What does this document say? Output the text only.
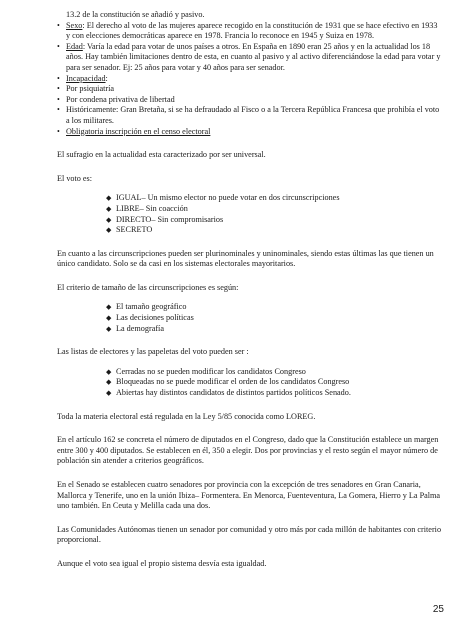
13.2 de la constitución se añadió y pasivo.
• Sexo: El derecho al voto de las mujeres aparece recogido en la constitución de 1931 que se hace efectivo en 1933 y con elecciones democráticas aparece en 1978. Francia lo reconoce en 1945 y Suiza en 1978.
• Edad: Varía la edad para votar de unos países a otros. En España en 1890 eran 25 años y en la actualidad los 18 años. Hay también limitaciones dentro de esta, en cuanto al pasivo y al activo diferenciándose la edad para votar y para ser senador. Ej: 25 años para votar y 40 años para ser senador.
• Incapacidad:
• Por psiquiatría
• Por condena privativa de libertad
• Históricamente: Gran Bretaña, si se ha defraudado al Fisco o a la Tercera República Francesa que prohibía el voto a los militares.
• Obligatoria inscripción en el censo electoral

El sufragio en la actualidad esta caracterizado por ser universal.

El voto es:

◆ IGUAL– Un mismo elector no puede votar en dos circunscripciones
◆ LIBRE– Sin coacción
◆ DIRECTO– Sin compromisarios
◆ SECRETO

En cuanto a las circunscripciones pueden ser plurinominales y uninominales, siendo estas últimas las que tienen un único candidato. Solo se da casi en los sistemas electorales mayoritarios.

El criterio de tamaño de las circunscripciones es según:

◆ El tamaño geográfico
◆ Las decisiones políticas
◆ La demografía

Las listas de electores y las papeletas del voto pueden ser :

◆ Cerradas no se pueden modificar los candidatos Congreso
◆ Bloqueadas no se puede modificar el orden de los candidatos Congreso
◆ Abiertas hay distintos candidatos de distintos partidos políticos Senado.

Toda la materia electoral está regulada en la Ley 5/85 conocida como LOREG.

En el artículo 162 se concreta el número de diputados en el Congreso, dado que la Constitución establece un margen entre 300 y 400 diputados. Se establecen en él, 350 a elegir. Dos por provincias y el resto según el mayor número de población sin atender a criterios geográficos.

En el Senado se establecen cuatro senadores por provincia con la excepción de tres senadores en Gran Canaria, Mallorca y Tenerife, uno en la unión Ibiza– Formentera. En Menorca, Fuenteventura, La Gomera, Hierro y La Palma uno también. En Ceuta y Melilla cada una dos.

Las Comunidades Autónomas tienen un senador por comunidad y otro más por cada millón de habitantes con criterio proporcional.

Aunque el voto sea igual el propio sistema desvía esta igualdad.

25
